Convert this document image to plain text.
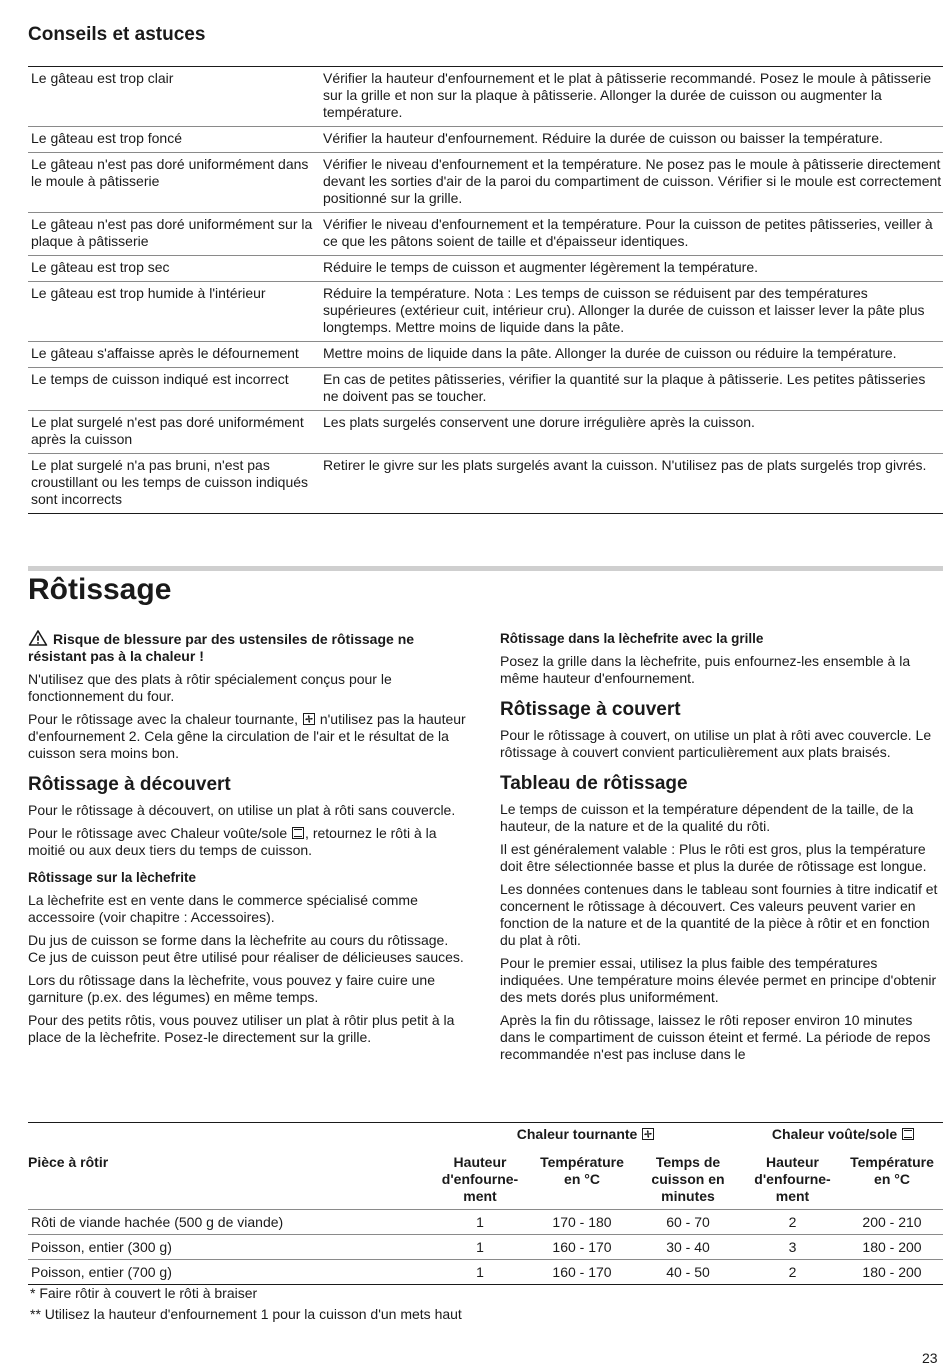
Conseils et astuces
Le gâteau est trop clair	Vérifier la hauteur d'enfournement et le plat à pâtisserie recommandé. Posez le moule à pâtisserie sur la grille et non sur la plaque à pâtisserie. Allonger la durée de cuisson ou augmenter la température.
Le gâteau est trop foncé	Vérifier la hauteur d'enfournement. Réduire la durée de cuisson ou baisser la température.
Le gâteau n'est pas doré uniformément dans le moule à pâtisserie	Vérifier le niveau d'enfournement et la température. Ne posez pas le moule à pâtisserie directement devant les sorties d'air de la paroi du compartiment de cuisson. Vérifier si le moule est correctement positionné sur la grille.
Le gâteau n'est pas doré uniformément sur la plaque à pâtisserie	Vérifier le niveau d'enfournement et la température. Pour la cuisson de petites pâtisseries, veiller à ce que les pâtons soient de taille et d'épaisseur identiques.
Le gâteau est trop sec	Réduire le temps de cuisson et augmenter légèrement la température.
Le gâteau est trop humide à l'intérieur	Réduire la température. Nota : Les temps de cuisson se réduisent par des températures supérieures (extérieur cuit, intérieur cru). Allonger la durée de cuisson et laisser lever la pâte plus longtemps. Mettre moins de liquide dans la pâte.
Le gâteau s'affaisse après le défournement	Mettre moins de liquide dans la pâte. Allonger la durée de cuisson ou réduire la température.
Le temps de cuisson indiqué est incorrect	En cas de petites pâtisseries, vérifier la quantité sur la plaque à pâtisserie. Les petites pâtisseries ne doivent pas se toucher.
Le plat surgelé n'est pas doré uniformément après la cuisson	Les plats surgelés conservent une dorure irrégulière après la cuisson.
Le plat surgelé n'a pas bruni, n'est pas croustillant ou les temps de cuisson indiqués sont incorrects	Retirer le givre sur les plats surgelés avant la cuisson. N'utilisez pas de plats surgelés trop givrés.
Rôtissage

Risque de blessure par des ustensiles de rôtissage ne résistant pas à la chaleur !

N'utilisez que des plats à rôtir spécialement conçus pour le fonctionnement du four.

Pour le rôtissage avec la chaleur tournante, n'utilisez pas la hauteur d'enfournement 2. Cela gêne la circulation de l'air et le résultat de la cuisson sera moins bon.

Rôtissage à découvert

Pour le rôtissage à découvert, on utilise un plat à rôti sans couvercle.

Pour le rôtissage avec Chaleur voûte/sole , retournez le rôti à la moitié ou aux deux tiers du temps de cuisson.

Rôtissage sur la lèchefrite

La lèchefrite est en vente dans le commerce spécialisé comme accessoire (voir chapitre : Accessoires).

Du jus de cuisson se forme dans la lèchefrite au cours du rôtissage. Ce jus de cuisson peut être utilisé pour réaliser de délicieuses sauces.

Lors du rôtissage dans la lèchefrite, vous pouvez y faire cuire une garniture (p.ex. des légumes) en même temps.

Pour des petits rôtis, vous pouvez utiliser un plat à rôtir plus petit à la place de la lèchefrite. Posez-le directement sur la grille.

Rôtissage dans la lèchefrite avec la grille

Posez la grille dans la lèchefrite, puis enfournez-les ensemble à la même hauteur d'enfournement.

Rôtissage à couvert

Pour le rôtissage à couvert, on utilise un plat à rôti avec couvercle. Le rôtissage à couvert convient particulièrement aux plats braisés.

Tableau de rôtissage

Le temps de cuisson et la température dépendent de la taille, de la hauteur, de la nature et de la qualité du rôti.

Il est généralement valable : Plus le rôti est gros, plus la température doit être sélectionnée basse et plus la durée de rôtissage est longue.

Les données contenues dans le tableau sont fournies à titre indicatif et concernent le rôtissage à découvert. Ces valeurs peuvent varier en fonction de la nature et de la quantité de la pièce à rôtir et en fonction du plat à rôti.

Pour le premier essai, utilisez la plus faible des températures indiquées. Une température moins élevée permet en principe d'obtenir des mets dorés plus uniformément.

Après la fin du rôtissage, laissez le rôti reposer environ 10 minutes dans le compartiment de cuisson éteint et fermé. La période de repos recommandée n'est pas incluse dans le

	Chaleur tournante			Chaleur voûte/sole	
Pièce à rôtir	Hauteur d'enfourne-ment	Température en °C	Temps de cuisson en minutes	Hauteur d'enfourne-ment	Température en °C
Rôti de viande hachée (500 g de viande)	1	170 - 180	60 - 70	2	200 - 210
Poisson, entier (300 g)	1	160 - 170	30 - 40	3	180 - 200
Poisson, entier (700 g)	1	160 - 170	40 - 50	2	180 - 200

* Faire rôtir à couvert le rôti à braiser

** Utilisez la hauteur d'enfournement 1 pour la cuisson d'un mets haut

23
